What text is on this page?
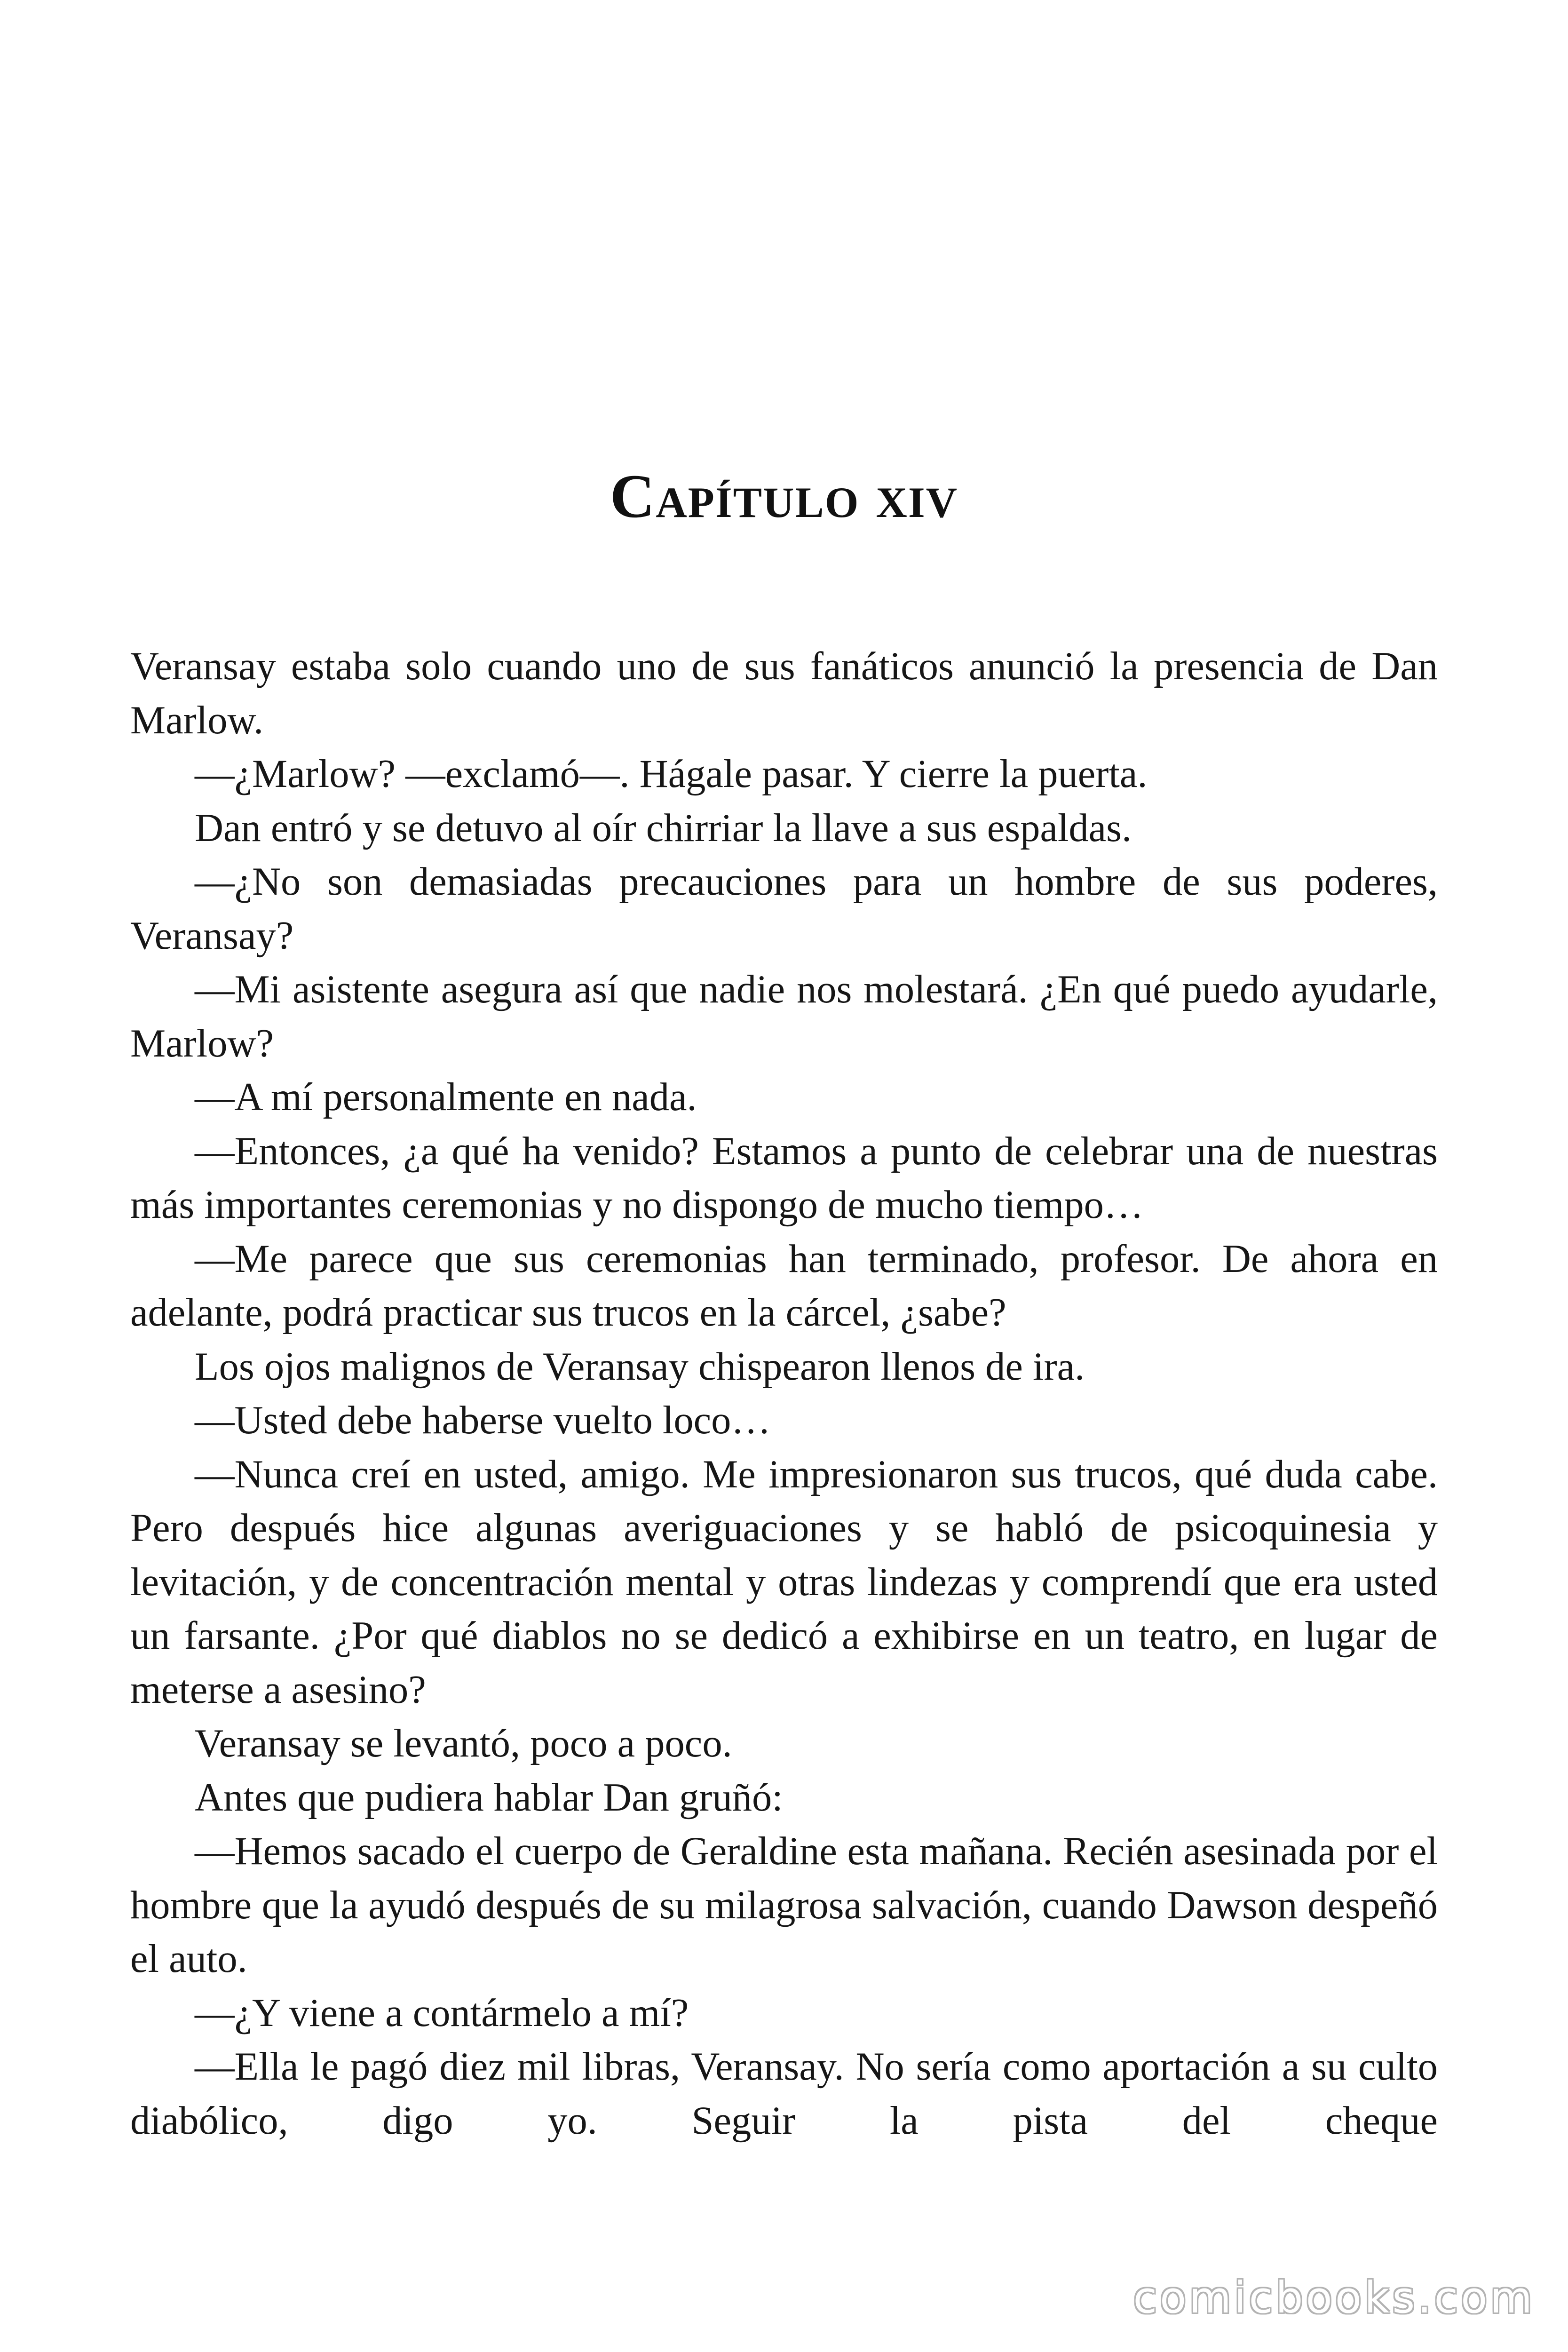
Capítulo xiv

Veransay estaba solo cuando uno de sus fanáticos anunció la presencia de Dan Marlow.

—¿Marlow? —exclamó—. Hágale pasar. Y cierre la puerta.

Dan entró y se detuvo al oír chirriar la llave a sus espaldas.

—¿No son demasiadas precauciones para un hombre de sus poderes, Veransay?

—Mi asistente asegura así que nadie nos molestará. ¿En qué puedo ayudarle, Marlow?

—A mí personalmente en nada.

—Entonces, ¿a qué ha venido? Estamos a punto de celebrar una de nuestras más importantes ceremonias y no dispongo de mucho tiempo…

—Me parece que sus ceremonias han terminado, profesor. De ahora en adelante, podrá practicar sus trucos en la cárcel, ¿sabe?

Los ojos malignos de Veransay chispearon llenos de ira.

—Usted debe haberse vuelto loco…

—Nunca creí en usted, amigo. Me impresionaron sus trucos, qué duda cabe. Pero después hice algunas averiguaciones y se habló de psicoquinesia y levitación, y de concentración mental y otras lindezas y comprendí que era usted un farsante. ¿Por qué diablos no se dedicó a exhibirse en un teatro, en lugar de meterse a asesino?

Veransay se levantó, poco a poco.

Antes que pudiera hablar Dan gruñó:

—Hemos sacado el cuerpo de Geraldine esta mañana. Recién asesinada por el hombre que la ayudó después de su milagrosa salvación, cuando Dawson despeñó el auto.

—¿Y viene a contármelo a mí?

—Ella le pagó diez mil libras, Veransay. No sería como aportación a su culto diabólico, digo yo. Seguir la pista del cheque

comicbooks.com
